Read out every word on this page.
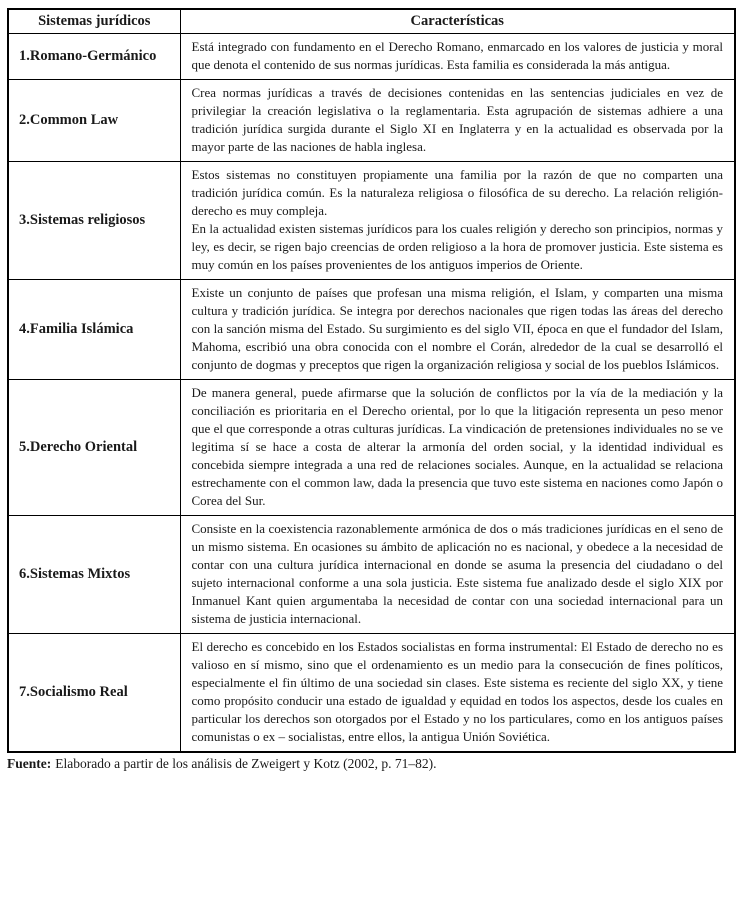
Sistemas jurídicos	Características
1.Romano-Germánico	Está integrado con fundamento en el Derecho Romano, enmarcado en los valores de justicia y moral que denota el contenido de sus normas jurídicas. Esta familia es considerada la más antigua.

2.Common Law	Crea normas jurídicas a través de decisiones contenidas en las sentencias judiciales en vez de privilegiar la creación legislativa o la reglamentaria. Esta agrupación de sistemas adhiere a una tradición jurídica surgida durante el Siglo XI en Inglaterra y en la actualidad es observada por la mayor parte de las naciones de habla inglesa.

3.Sistemas religiosos	Estos sistemas no constituyen propiamente una familia por la razón de que no comparten una tradición jurídica común. Es la naturaleza religiosa o filosófica de su derecho. La relación religión-derecho es muy compleja.

En la actualidad existen sistemas jurídicos para los cuales religión y derecho son principios, normas y ley, es decir, se rigen bajo creencias de orden religioso a la hora de promover justicia. Este sistema es muy común en los países provenientes de los antiguos imperios de Oriente.

4.Familia Islámica	Existe un conjunto de países que profesan una misma religión, el Islam, y comparten una misma cultura y tradición jurídica. Se integra por derechos nacionales que rigen todas las áreas del derecho con la sanción misma del Estado. Su surgimiento es del siglo VII, época en que el fundador del Islam, Mahoma, escribió una obra conocida con el nombre el Corán, alrededor de la cual se desarrolló el conjunto de dogmas y preceptos que rigen la organización religiosa y social de los pueblos Islámicos.

5.Derecho Oriental	De manera general, puede afirmarse que la solución de conflictos por la vía de la mediación y la conciliación es prioritaria en el Derecho oriental, por lo que la litigación representa un peso menor que el que corresponde a otras culturas jurídicas. La vindicación de pretensiones individuales no se ve legitima sí se hace a costa de alterar la armonía del orden social, y la identidad individual es concebida siempre integrada a una red de relaciones sociales. Aunque, en la actualidad se relaciona estrechamente con el common law, dada la presencia que tuvo este sistema en naciones como Japón o Corea del Sur.

6.Sistemas Mixtos	Consiste en la coexistencia razonablemente armónica de dos o más tradiciones jurídicas en el seno de un mismo sistema. En ocasiones su ámbito de aplicación no es nacional, y obedece a la necesidad de contar con una cultura jurídica internacional en donde se asuma la presencia del ciudadano o del sujeto internacional conforme a una sola justicia. Este sistema fue analizado desde el siglo XIX por Inmanuel Kant quien argumentaba la necesidad de contar con una sociedad internacional para un sistema de justicia internacional.

7.Socialismo Real	El derecho es concebido en los Estados socialistas en forma instrumental: El Estado de derecho no es valioso en sí mismo, sino que el ordenamiento es un medio para la consecución de fines políticos, especialmente el fin último de una sociedad sin clases. Este sistema es reciente del siglo XX, y tiene como propósito conducir una estado de igualdad y equidad en todos los aspectos, desde los cuales en particular los derechos son otorgados por el Estado y no los particulares, como en los antiguos países comunistas o ex – socialistas, entre ellos, la antigua Unión Soviética.

Fuente: Elaborado a partir de los análisis de Zweigert y Kotz (2002, p. 71–82).
